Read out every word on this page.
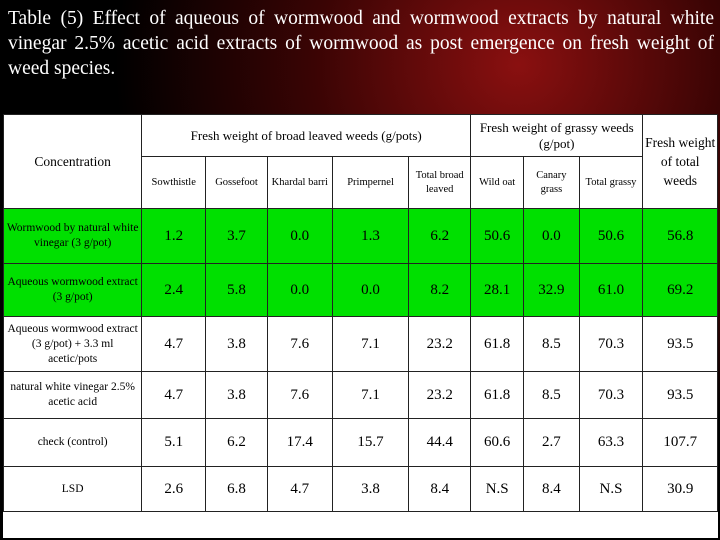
Table (5) Effect of aqueous of wormwood and wormwood extracts by natural white vinegar 2.5% acetic acid extracts of wormwood as post emergence on fresh weight of weed species.
Concentration	Fresh weight of broad leaved weeds (g/pots)					Fresh weight of grassy weeds (g/pot)			Fresh weight of total weeds
	Sowthistle	Gossefoot	Khardal barri	Primpernel	Total broad leaved	Wild oat	Canary grass	Total grassy	
Wormwood by natural white vinegar (3 g/pot)	1.2	3.7	0.0	1.3	6.2	50.6	0.0	50.6	56.8
Aqueous wormwood extract (3 g/pot)	2.4	5.8	0.0	0.0	8.2	28.1	32.9	61.0	69.2
Aqueous wormwood extract (3 g/pot) + 3.3 ml acetic/pots	4.7	3.8	7.6	7.1	23.2	61.8	8.5	70.3	93.5
natural white vinegar 2.5% acetic acid	4.7	3.8	7.6	7.1	23.2	61.8	8.5	70.3	93.5
check (control)	5.1	6.2	17.4	15.7	44.4	60.6	2.7	63.3	107.7
LSD	2.6	6.8	4.7	3.8	8.4	N.S	8.4	N.S	30.9
